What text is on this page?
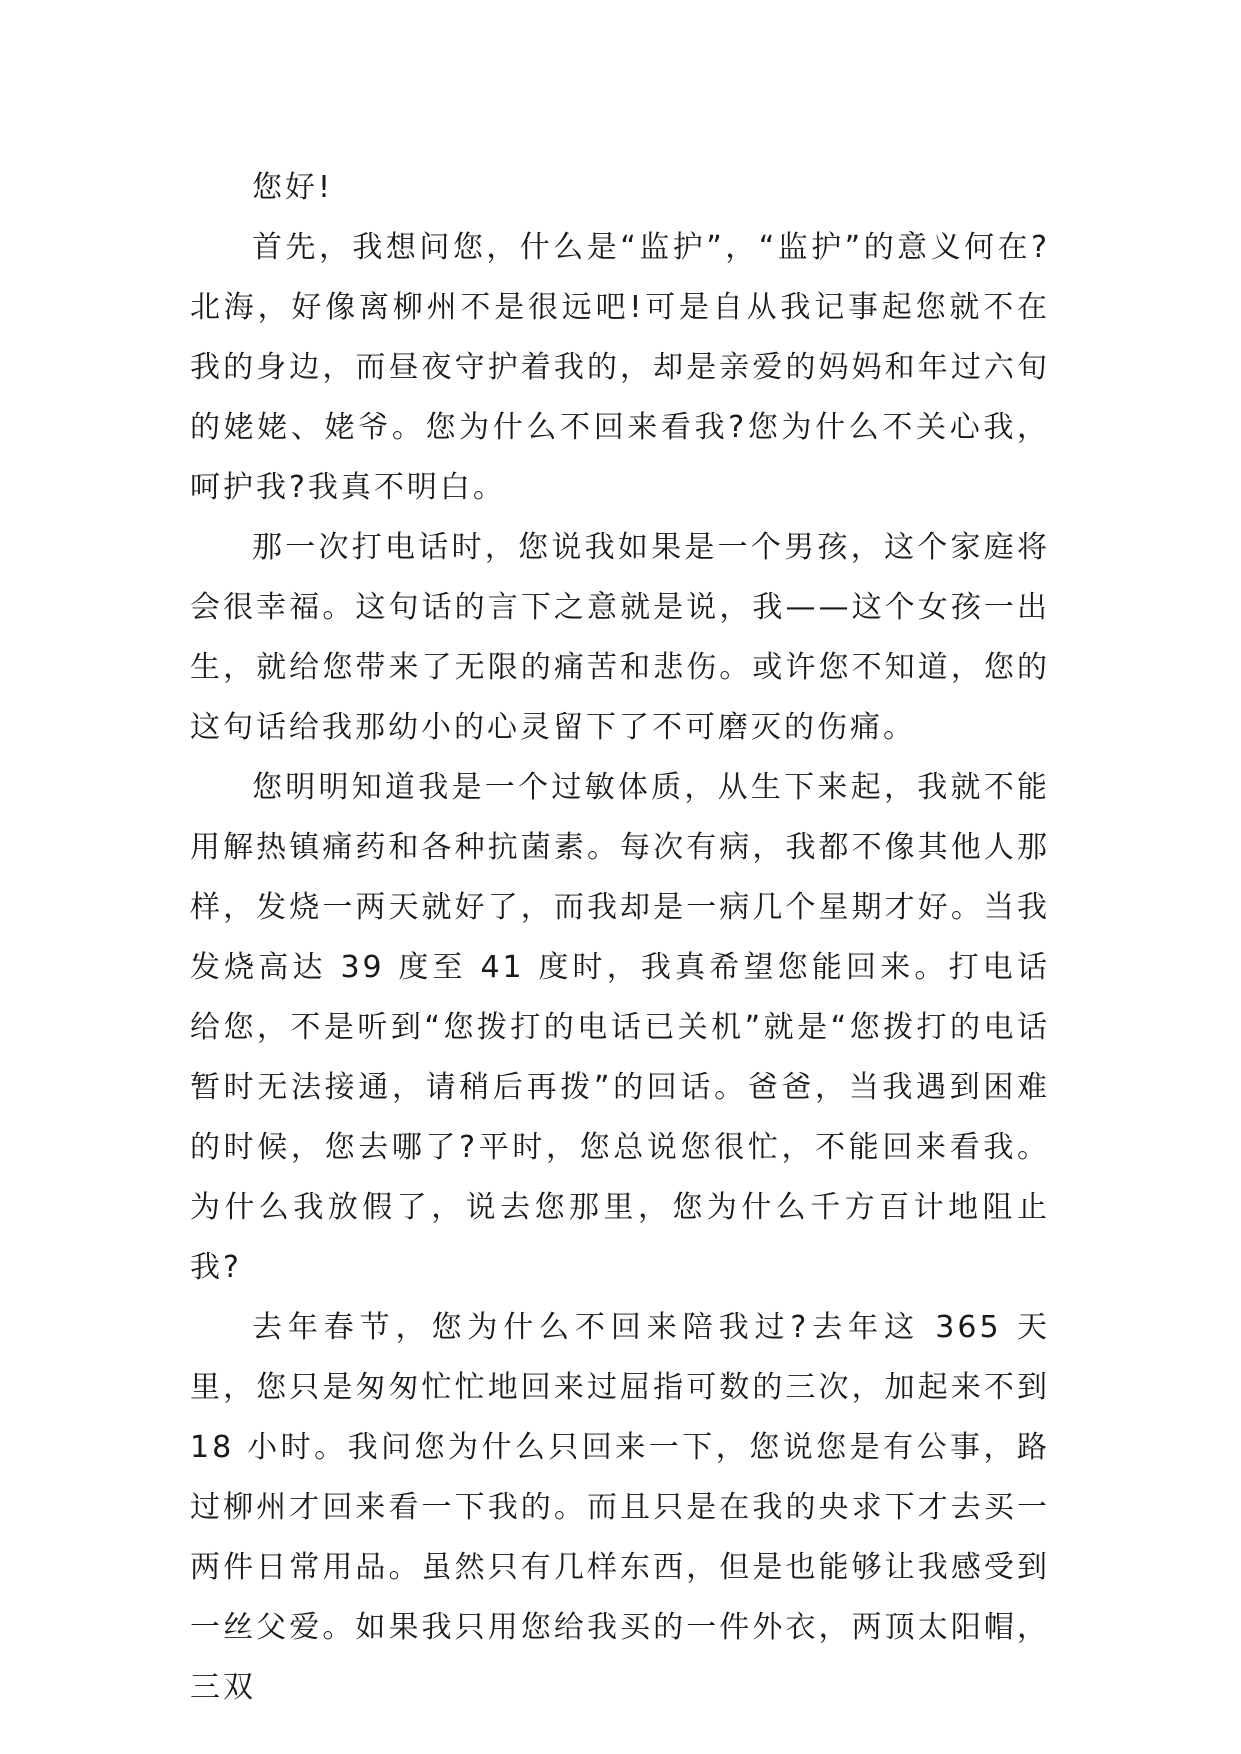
您好!

首先，我想问您，什么是“监护”，“监护”的意义何在?北海，好像离柳州不是很远吧!可是自从我记事起您就不在我的身边，而昼夜守护着我的，却是亲爱的妈妈和年过六旬的姥姥、姥爷。您为什么不回来看我?您为什么不关心我，呵护我?我真不明白。

那一次打电话时，您说我如果是一个男孩，这个家庭将会很幸福。这句话的言下之意就是说，我——这个女孩一出生，就给您带来了无限的痛苦和悲伤。或许您不知道，您的这句话给我那幼小的心灵留下了不可磨灭的伤痛。

您明明知道我是一个过敏体质，从生下来起，我就不能用解热镇痛药和各种抗菌素。每次有病，我都不像其他人那样，发烧一两天就好了，而我却是一病几个星期才好。当我发烧高达 39 度至 41 度时，我真希望您能回来。打电话给您，不是听到“您拨打的电话已关机”就是“您拨打的电话暂时无法接通，请稍后再拨”的回话。爸爸，当我遇到困难的时候，您去哪了?平时，您总说您很忙，不能回来看我。为什么我放假了，说去您那里，您为什么千方百计地阻止我?

去年春节，您为什么不回来陪我过?去年这 365 天里，您只是匆匆忙忙地回来过屈指可数的三次，加起来不到 18 小时。我问您为什么只回来一下，您说您是有公事，路过柳州才回来看一下我的。而且只是在我的央求下才去买一两件日常用品。虽然只有几样东西，但是也能够让我感受到一丝父爱。如果我只用您给我买的一件外衣，两顶太阳帽，三双
